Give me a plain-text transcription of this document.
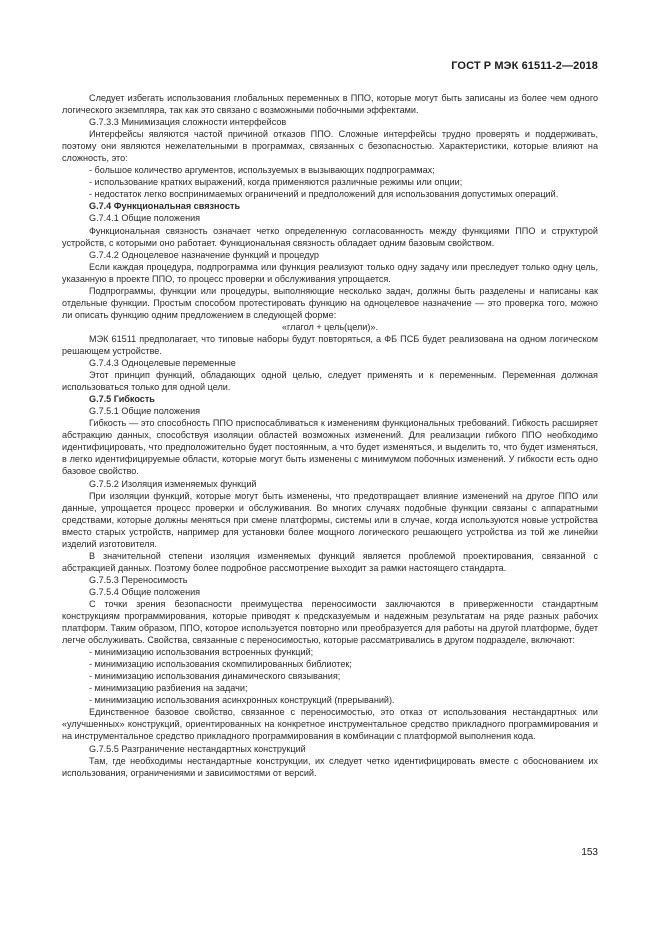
ГОСТ Р МЭК 61511-2—2018

Следует избегать использования глобальных переменных в ППО, которые могут быть записаны из более чем одного логического экземпляра, так как это связано с возможными побочными эффектами.

G.7.3.3 Минимизация сложности интерфейсов

Интерфейсы являются частой причиной отказов ППО. Сложные интерфейсы трудно проверять и поддерживать, поэтому они являются нежелательными в программах, связанных с безопасностью. Характеристики, которые влияют на сложность, это:

- большое количество аргументов, используемых в вызывающих подпрограммах;

- использование кратких выражений, когда применяются различные режимы или опции;

- недостаток легко воспринимаемых ограничений и предположений для использования допустимых операций.

G.7.4 Функциональная связность

G.7.4.1 Общие положения

Функциональная связность означает четко определенную согласованность между функциями ППО и структурой устройств, с которыми оно работает. Функциональная связность обладает одним базовым свойством.

G.7.4.2 Одноцелевое назначение функций и процедур

Если каждая процедура, подпрограмма или функция реализуют только одну задачу или преследует только одну цель, указанную в проекте ППО, то процесс проверки и обслуживания упрощается.

Подпрограммы, функции или процедуры, выполняющие несколько задач, должны быть разделены и написаны как отдельные функции. Простым способом протестировать функцию на одноцелевое назначение — это проверка того, можно ли описать функцию одним предложением в следующей форме:

«глагол + цель(цели)».

МЭК 61511 предполагает, что типовые наборы будут повторяться, а ФБ ПСБ будет реализована на одном логическом решающем устройстве.

G.7.4.3 Одноцелевые переменные

Этот принцип функций, обладающих одной целью, следует применять и к переменным. Переменная должная использоваться только для одной цели.

G.7.5 Гибкость

G.7.5.1 Общие положения

Гибкость — это способность ППО приспосабливаться к изменениям функциональных требований. Гибкость расширяет абстракцию данных, способствуя изоляции областей возможных изменений. Для реализации гибкого ППО необходимо идентифицировать, что предположительно будет постоянным, а что будет изменяться, и выделить то, что будет изменяться, в легко идентифицируемые области, которые могут быть изменены с минимумом побочных изменений. У гибкости есть одно базовое свойство.

G.7.5.2 Изоляция изменяемых функций

При изоляции функций, которые могут быть изменены, что предотвращает влияние изменений на другое ППО или данные, упрощается процесс проверки и обслуживания. Во многих случаях подобные функции связаны с аппаратными средствами, которые должны меняться при смене платформы, системы или в случае, когда используются новые устройства вместо старых устройств, например для установки более мощного логического решающего устройства из той же линейки изделий изготовителя.

В значительной степени изоляция изменяемых функций является проблемой проектирования, связанной с абстракцией данных. Поэтому более подробное рассмотрение выходит за рамки настоящего стандарта.

G.7.5.3 Переносимость

G.7.5.4 Общие положения

С точки зрения безопасности преимущества переносимости заключаются в приверженности стандартным конструкциям программирования, которые приводят к предсказуемым и надежным результатам на ряде разных рабочих платформ. Таким образом, ППО, которое используется повторно или преобразуется для работы на другой платформе, будет легче обслуживать. Свойства, связанные с переносимостью, которые рассматривались в другом подразделе, включают:

- минимизацию использования встроенных функций;

- минимизацию использования скомпилированных библиотек;

- минимизацию использования динамического связывания;

- минимизацию разбиения на задачи;

- минимизацию использования асинхронных конструкций (прерываний).

Единственное базовое свойство, связанное с переносимостью, это отказ от использования нестандартных или «улучшенных» конструкций, ориентированных на конкретное инструментальное средство прикладного программирования и на инструментальное средство прикладного программирования в комбинации с платформой выполнения кода.

G.7.5.5 Разграничение нестандартных конструкций

Там, где необходимы нестандартные конструкции, их следует четко идентифицировать вместе с обоснованием их использования, ограничениями и зависимостями от версий.

153
